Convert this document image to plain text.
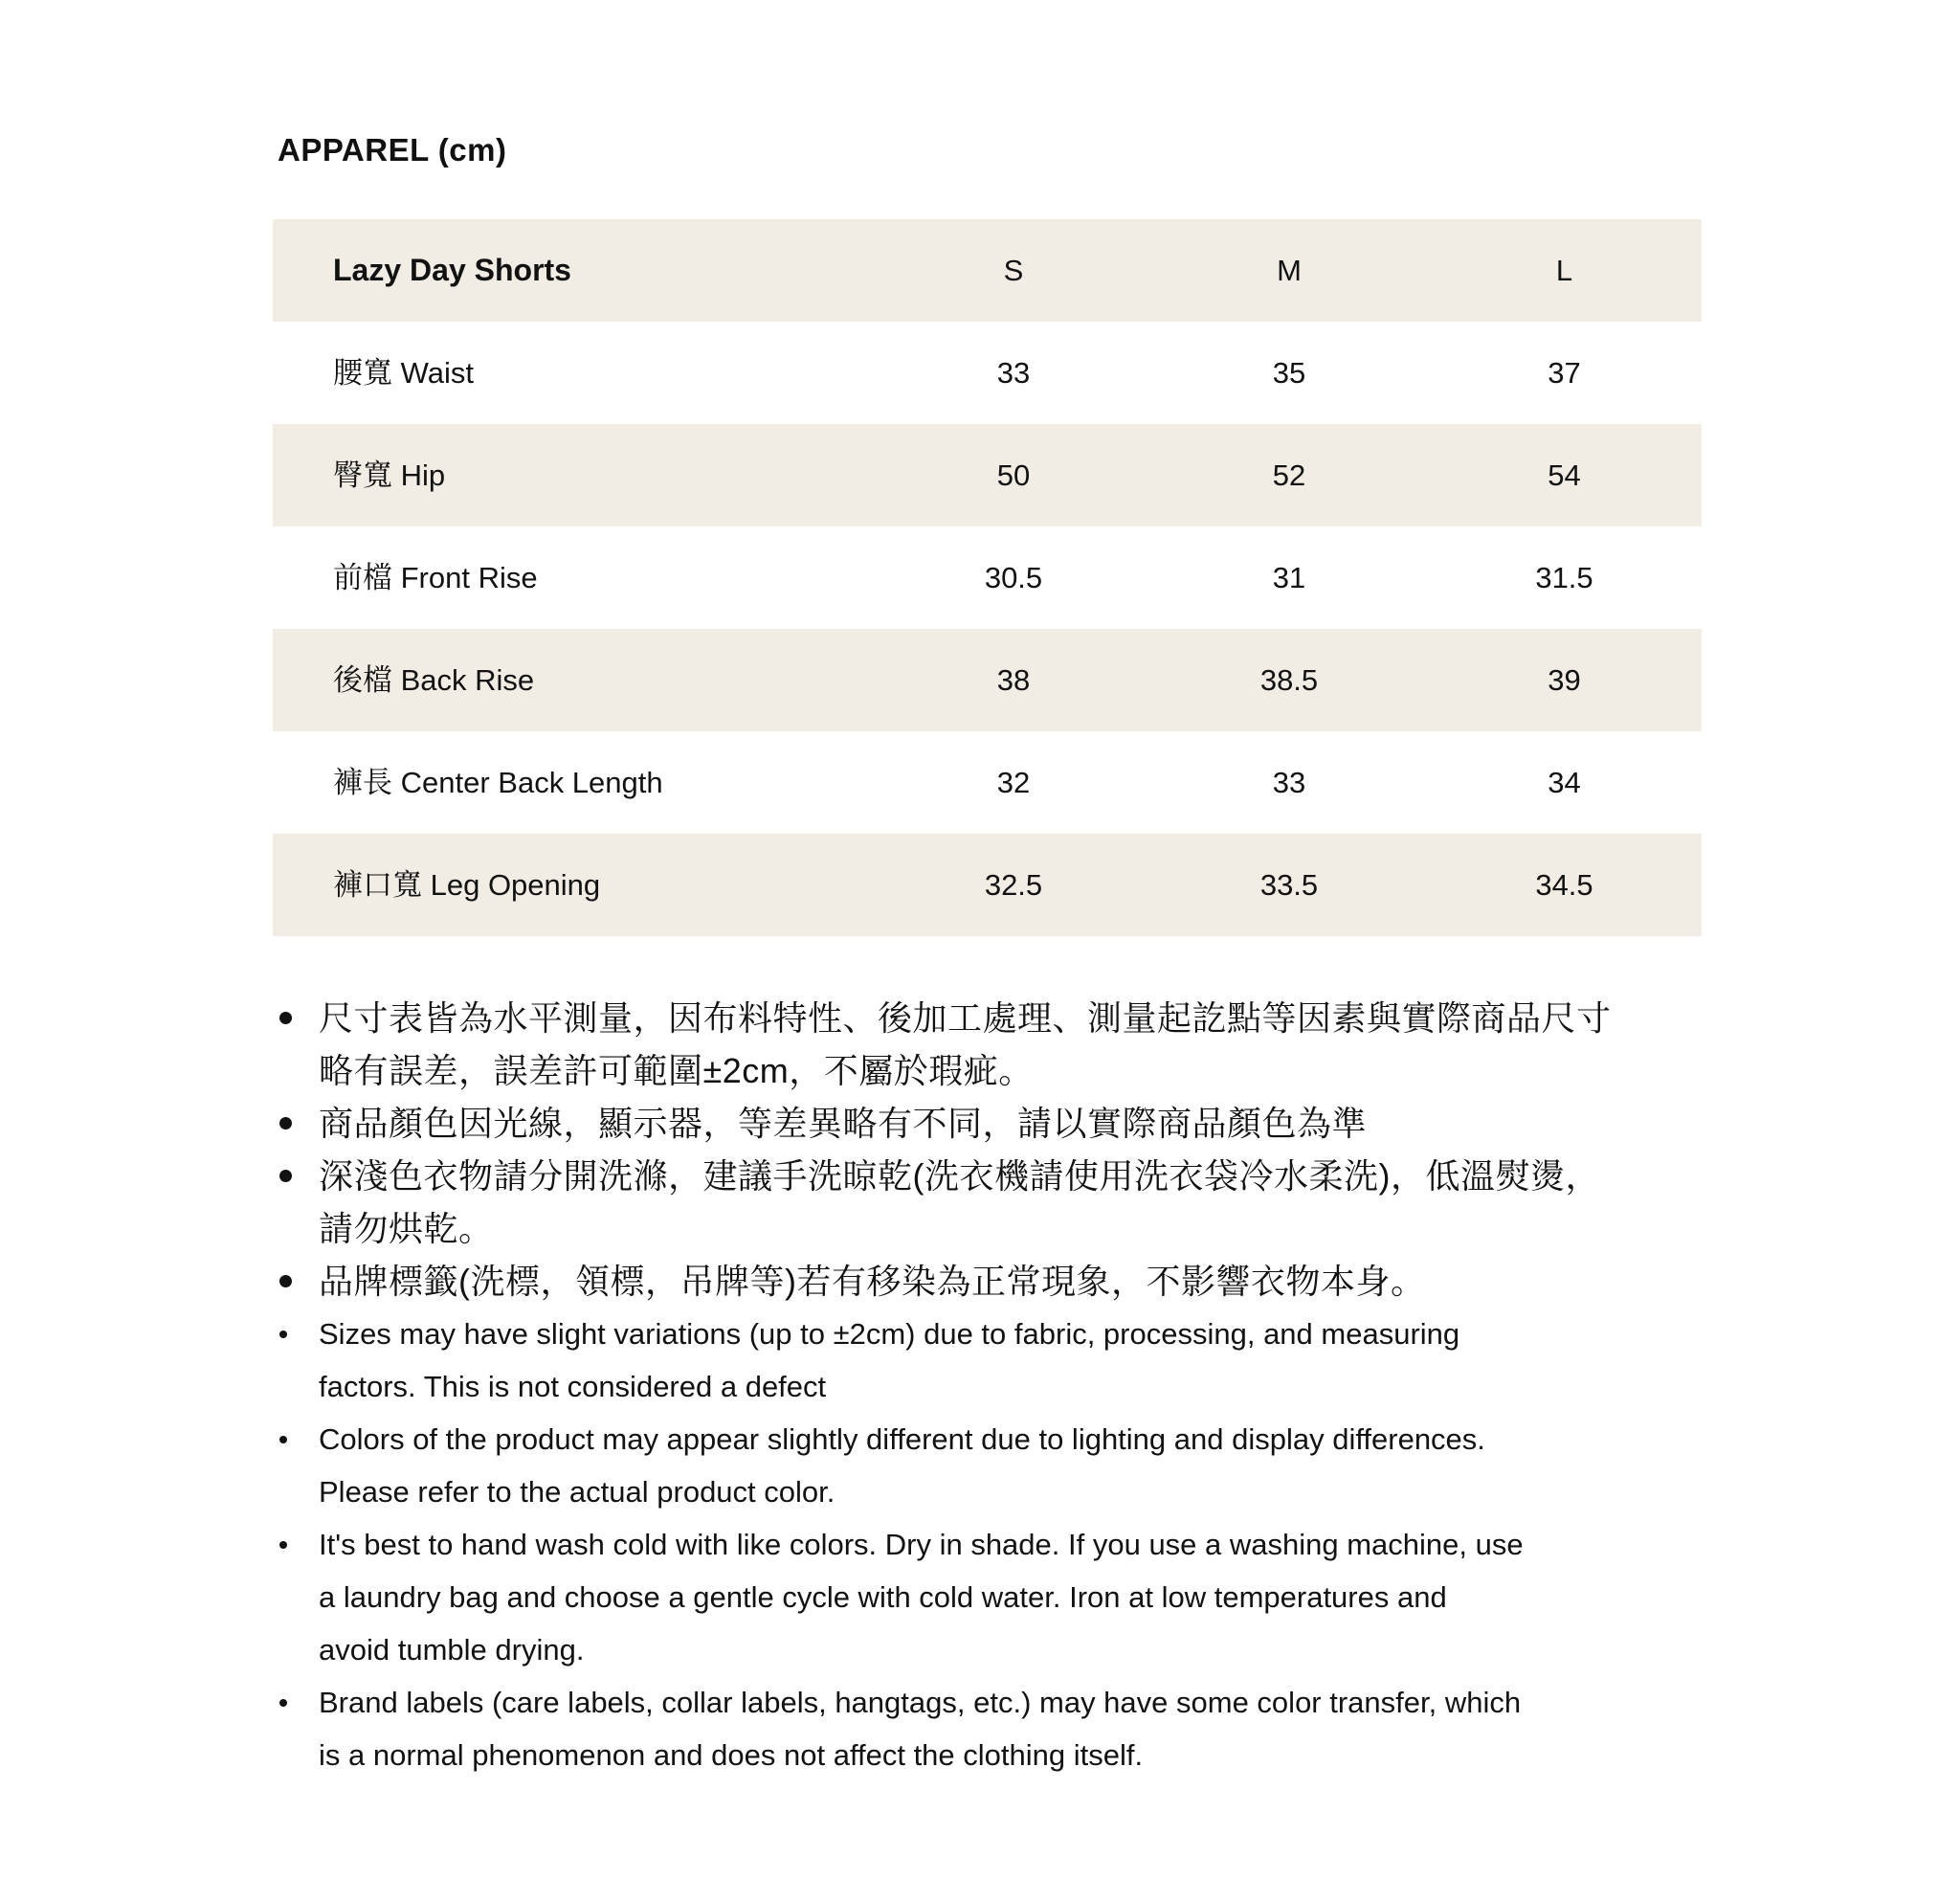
APPAREL (cm)
Lazy Day Shorts	S	M	L
腰寬 Waist	33	35	37
臀寬 Hip	50	52	54
前檔 Front Rise	30.5	31	31.5
後檔 Back Rise	38	38.5	39
褲長 Center Back Length	32	33	34
褲口寬 Leg Opening	32.5	33.5	34.5
尺寸表皆為水平測量，因布料特性、後加工處理、測量起訖點等因素與實際商品尺寸
略有誤差，誤差許可範圍±2cm，不屬於瑕疵。
商品顏色因光線，顯示器，等差異略有不同，請以實際商品顏色為準
深淺色衣物請分開洗滌，建議手洗晾乾(洗衣機請使用洗衣袋冷水柔洗)，低溫熨燙，
請勿烘乾。
品牌標籤(洗標，領標，吊牌等)若有移染為正常現象，不影響衣物本身。
Sizes may have slight variations (up to ±2cm) due to fabric, processing, and measuring
factors. This is not considered a defect
Colors of the product may appear slightly different due to lighting and display differences.
Please refer to the actual product color.
It's best to hand wash cold with like colors. Dry in shade. If you use a washing machine, use
a laundry bag and choose a gentle cycle with cold water. Iron at low temperatures and
avoid tumble drying.
Brand labels (care labels, collar labels, hangtags, etc.) may have some color transfer, which
is a normal phenomenon and does not affect the clothing itself.
